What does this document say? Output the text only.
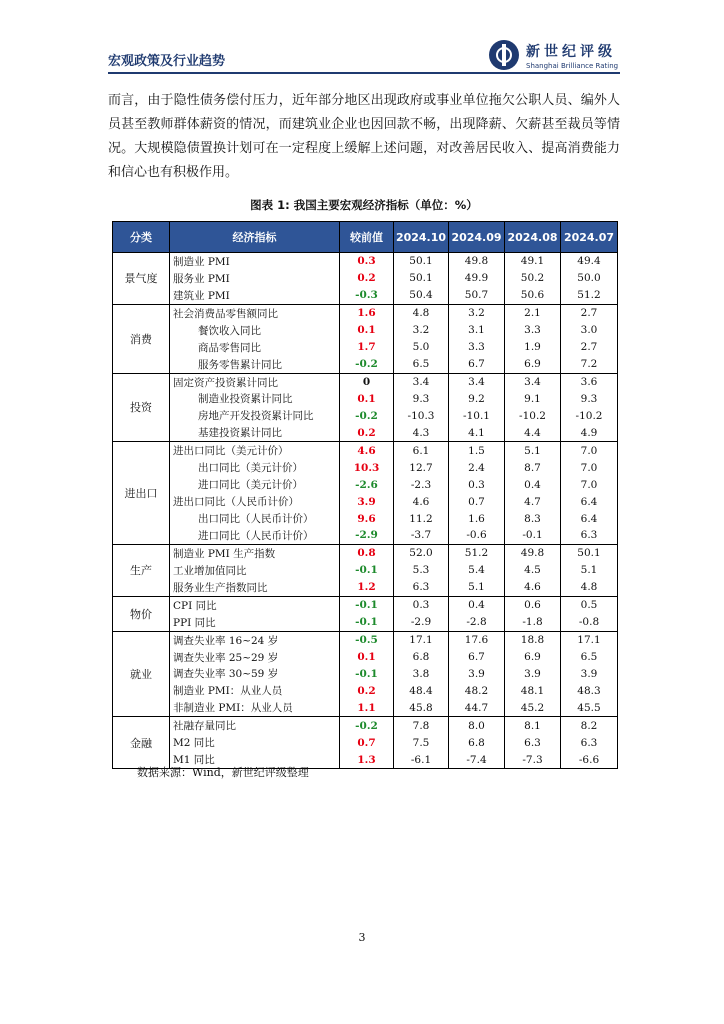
宏观政策及行业趋势
新世纪评级
Shanghai Brilliance Rating
而言，由于隐性债务偿付压力，近年部分地区出现政府或事业单位拖欠公职人员、编外人员甚至教师群体薪资的情况，而建筑业企业也因回款不畅，出现降薪、欠薪甚至裁员等情况。大规模隐债置换计划可在一定程度上缓解上述问题，对改善居民收入、提高消费能力和信心也有积极作用。
图表 1: 我国主要宏观经济指标（单位：%）
分类	经济指标	较前值	2024.10	2024.09	2024.08	2024.07
景气度	制造业 PMI	0.3	50.1	49.8	49.1	49.4
	服务业 PMI	0.2	50.1	49.9	50.2	50.0
	建筑业 PMI	-0.3	50.4	50.7	50.6	51.2
消费	社会消费品零售额同比	1.6	4.8	3.2	2.1	2.7
	餐饮收入同比	0.1	3.2	3.1	3.3	3.0
	商品零售同比	1.7	5.0	3.3	1.9	2.7
	服务零售累计同比	-0.2	6.5	6.7	6.9	7.2
投资	固定资产投资累计同比	0	3.4	3.4	3.4	3.6
	制造业投资累计同比	0.1	9.3	9.2	9.1	9.3
	房地产开发投资累计同比	-0.2	-10.3	-10.1	-10.2	-10.2
	基建投资累计同比	0.2	4.3	4.1	4.4	4.9
进出口	进出口同比（美元计价）	4.6	6.1	1.5	5.1	7.0
	出口同比（美元计价）	10.3	12.7	2.4	8.7	7.0
	进口同比（美元计价）	-2.6	-2.3	0.3	0.4	7.0
	进出口同比（人民币计价）	3.9	4.6	0.7	4.7	6.4
	出口同比（人民币计价）	9.6	11.2	1.6	8.3	6.4
	进口同比（人民币计价）	-2.9	-3.7	-0.6	-0.1	6.3
生产	制造业 PMI 生产指数	0.8	52.0	51.2	49.8	50.1
	工业增加值同比	-0.1	5.3	5.4	4.5	5.1
	服务业生产指数同比	1.2	6.3	5.1	4.6	4.8
物价	CPI 同比	-0.1	0.3	0.4	0.6	0.5
	PPI 同比	-0.1	-2.9	-2.8	-1.8	-0.8
就业	调查失业率 16~24 岁	-0.5	17.1	17.6	18.8	17.1
	调查失业率 25~29 岁	0.1	6.8	6.7	6.9	6.5
	调查失业率 30~59 岁	-0.1	3.8	3.9	3.9	3.9
	制造业 PMI：从业人员	0.2	48.4	48.2	48.1	48.3
	非制造业 PMI：从业人员	1.1	45.8	44.7	45.2	45.5
金融	社融存量同比	-0.2	7.8	8.0	8.1	8.2
	M2 同比	0.7	7.5	6.8	6.3	6.3
	M1 同比	1.3	-6.1	-7.4	-7.3	-6.6
数据来源：Wind，新世纪评级整理
3
